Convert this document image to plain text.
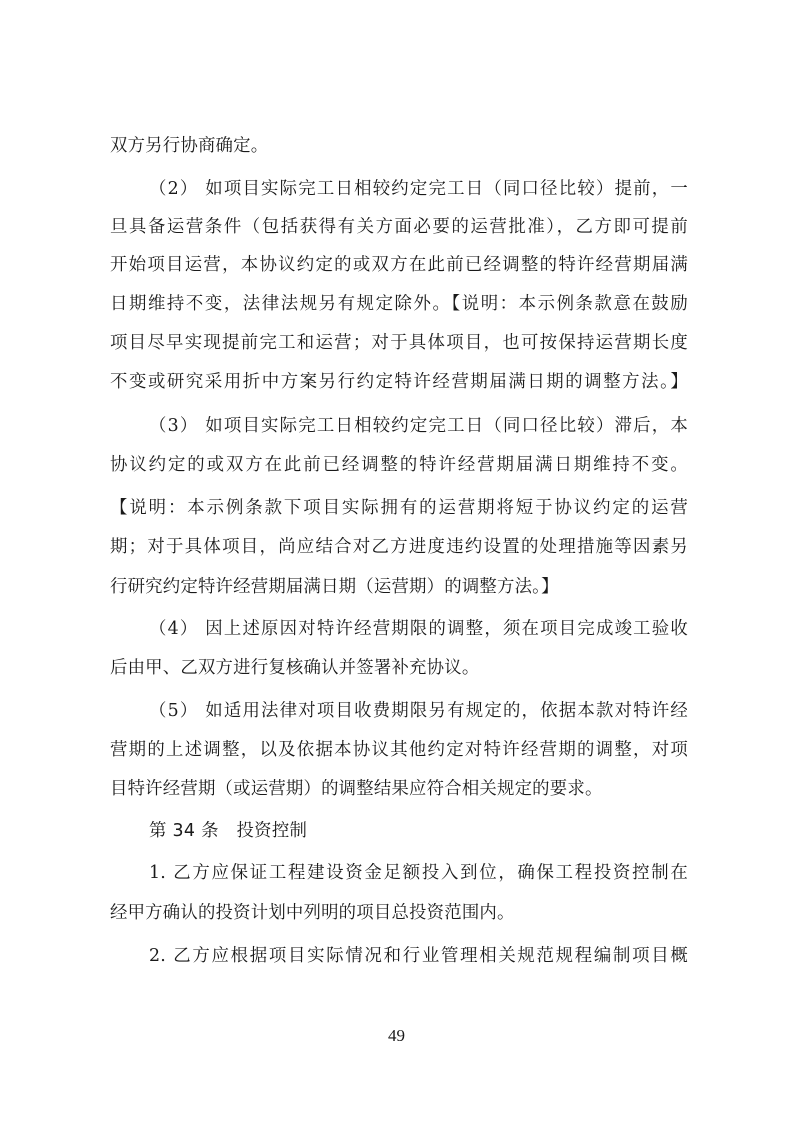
双方另行协商确定。
（2） 如项目实际完工日相较约定完工日（同口径比较）提前，一
旦具备运营条件（包括获得有关方面必要的运营批准），乙方即可提前
开始项目运营，本协议约定的或双方在此前已经调整的特许经营期届满
日期维持不变，法律法规另有规定除外。【说明：本示例条款意在鼓励
项目尽早实现提前完工和运营；对于具体项目，也可按保持运营期长度
不变或研究采用折中方案另行约定特许经营期届满日期的调整方法。】
（3） 如项目实际完工日相较约定完工日（同口径比较）滞后，本
协议约定的或双方在此前已经调整的特许经营期届满日期维持不变。
【说明：本示例条款下项目实际拥有的运营期将短于协议约定的运营
期；对于具体项目，尚应结合对乙方进度违约设置的处理措施等因素另
行研究约定特许经营期届满日期（运营期）的调整方法。】
（4） 因上述原因对特许经营期限的调整，须在项目完成竣工验收
后由甲、乙双方进行复核确认并签署补充协议。
（5） 如适用法律对项目收费期限另有规定的，依据本款对特许经
营期的上述调整，以及依据本协议其他约定对特许经营期的调整，对项
目特许经营期（或运营期）的调整结果应符合相关规定的要求。
第 34 条　投资控制
1. 乙方应保证工程建设资金足额投入到位，确保工程投资控制在
经甲方确认的投资计划中列明的项目总投资范围内。
2. 乙方应根据项目实际情况和行业管理相关规范规程编制项目概
49
